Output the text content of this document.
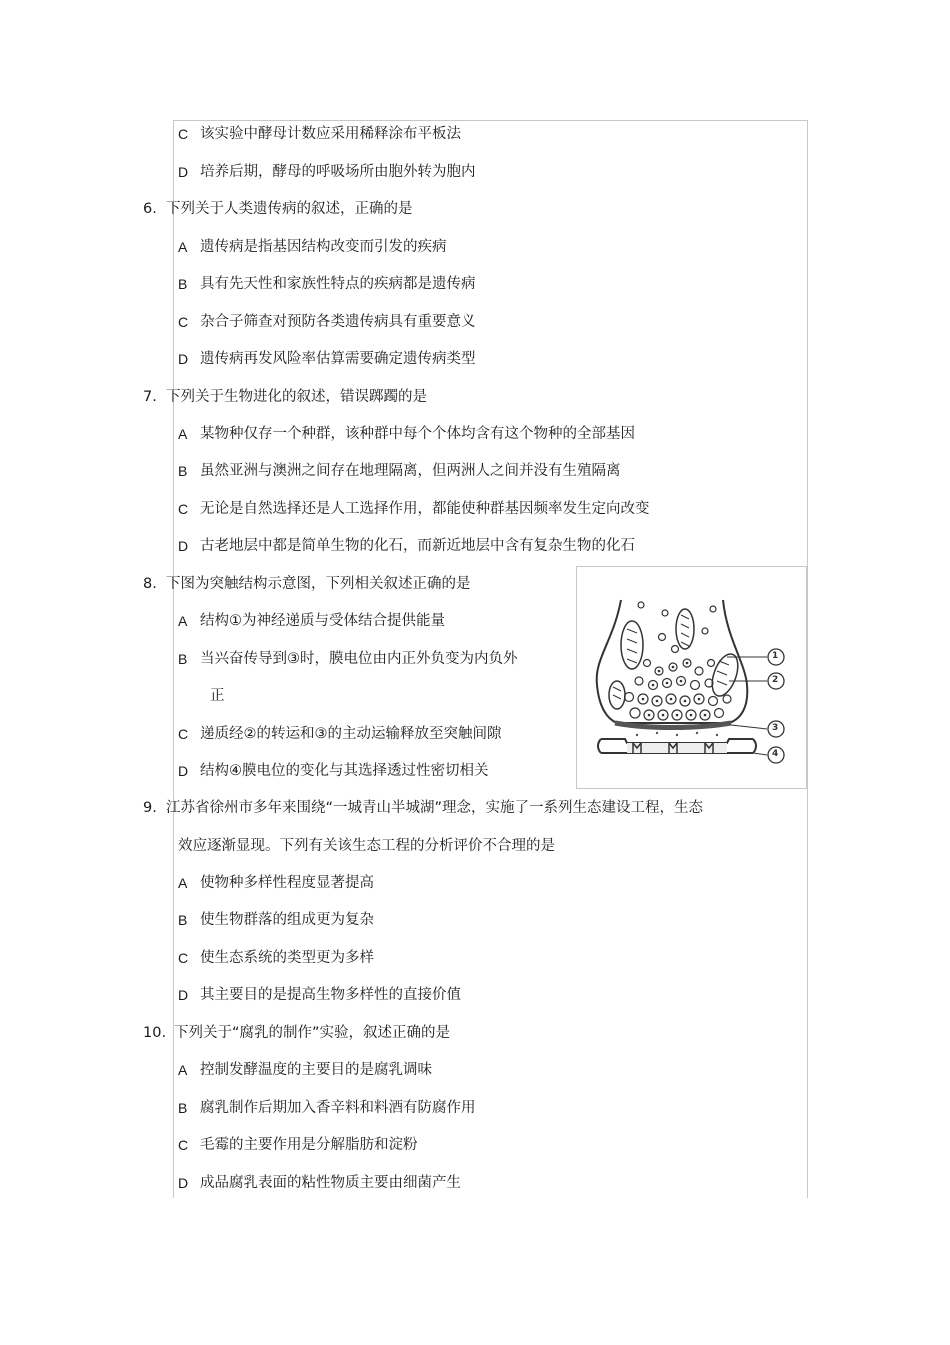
C 该实验中酵母计数应采用稀释涂布平板法
D 培养后期，酵母的呼吸场所由胞外转为胞内
6. 下列关于人类遗传病的叙述，正确的是
A 遗传病是指基因结构改变而引发的疾病
B 具有先天性和家族性特点的疾病都是遗传病
C 杂合子筛查对预防各类遗传病具有重要意义
D 遗传病再发风险率估算需要确定遗传病类型
7. 下列关于生物进化的叙述，错误踯躅的是
A 某物种仅存一个种群，该种群中每个个体均含有这个物种的全部基因
B 虽然亚洲与澳洲之间存在地理隔离，但两洲人之间并没有生殖隔离
C 无论是自然选择还是人工选择作用，都能使种群基因频率发生定向改变
D 古老地层中都是简单生物的化石，而新近地层中含有复杂生物的化石
8. 下图为突触结构示意图，下列相关叙述正确的是
A 结构①为神经递质与受体结合提供能量
B 当兴奋传导到③时，膜电位由内正外负变为内负外
正
C 递质经②的转运和③的主动运输释放至突触间隙
D 结构④膜电位的变化与其选择透过性密切相关
1
2
3
4
9. 江苏省徐州市多年来围绕“一城青山半城湖”理念，实施了一系列生态建设工程，生态
效应逐渐显现。下列有关该生态工程的分析评价不合理的是
A 使物种多样性程度显著提高
B 使生物群落的组成更为复杂
C 使生态系统的类型更为多样
D 其主要目的是提高生物多样性的直接价值
10. 下列关于“腐乳的制作”实验，叙述正确的是
A 控制发酵温度的主要目的是腐乳调味
B 腐乳制作后期加入香辛料和料酒有防腐作用
C 毛霉的主要作用是分解脂肪和淀粉
D 成品腐乳表面的粘性物质主要由细菌产生
